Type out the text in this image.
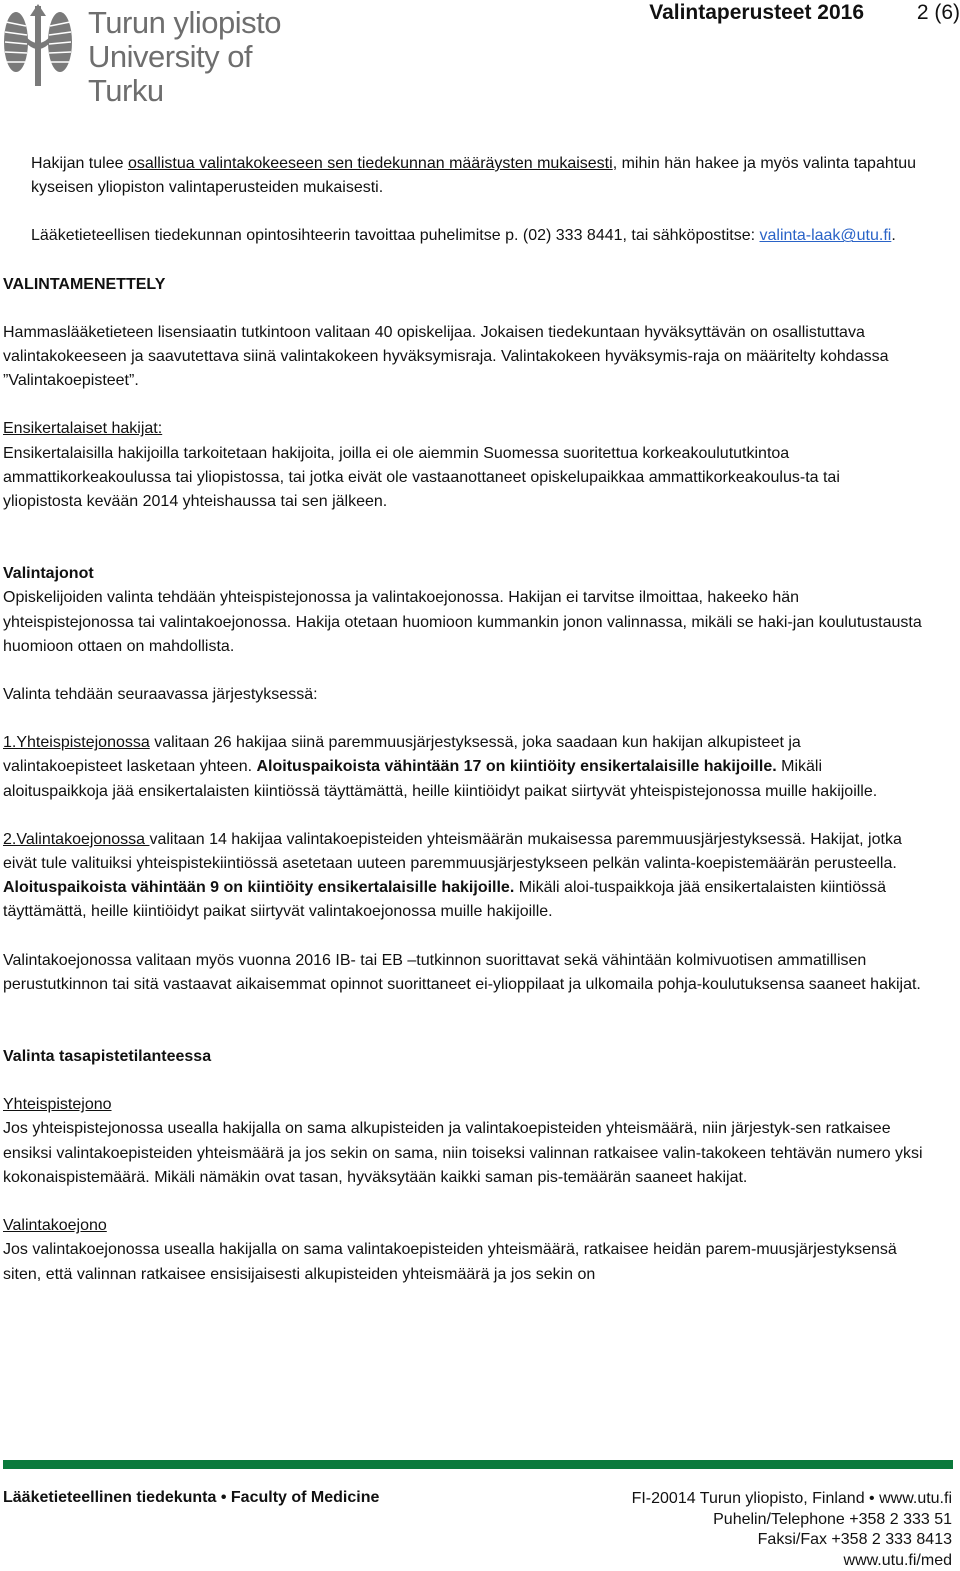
Turun yliopisto
University of Turku
Valintaperusteet 2016	2 (6)

Hakijan tulee osallistua valintakokeeseen sen tiedekunnan määräysten mukaisesti, mihin hän hakee ja myös valinta tapahtuu kyseisen yliopiston valintaperusteiden mukaisesti.

Lääketieteellisen tiedekunnan opintosihteerin tavoittaa puhelimitse p. (02) 333 8441, tai sähköpostitse: valinta-laak@utu.fi.

VALINTAMENETTELY

Hammaslääketieteen lisensiaatin tutkintoon valitaan 40 opiskelijaa. Jokaisen tiedekuntaan hyväksyttävän on osallistuttava valintakokeeseen ja saavutettava siinä valintakokeen hyväksymisraja. Valintakokeen hyväksymis-raja on määritelty kohdassa ”Valintakoepisteet”.

Ensikertalaiset hakijat:

Ensikertalaisilla hakijoilla tarkoitetaan hakijoita, joilla ei ole aiemmin Suomessa suoritettua korkeakoulututkintoa ammattikorkeakoulussa tai yliopistossa, tai jotka eivät ole vastaanottaneet opiskelupaikkaa ammattikorkeakoulus-ta tai yliopistosta kevään 2014 yhteishaussa tai sen jälkeen.

Valintajonot

Opiskelijoiden valinta tehdään yhteispistejonossa ja valintakoejonossa. Hakijan ei tarvitse ilmoittaa, hakeeko hän yhteispistejonossa tai valintakoejonossa. Hakija otetaan huomioon kummankin jonon valinnassa, mikäli se haki-jan koulutustausta huomioon ottaen on mahdollista.

Valinta tehdään seuraavassa järjestyksessä:

1.Yhteispistejonossa valitaan 26 hakijaa siinä paremmuusjärjestyksessä, joka saadaan kun hakijan alkupisteet ja valintakoepisteet lasketaan yhteen. Aloituspaikoista vähintään 17 on kiintiöity ensikertalaisille hakijoille. Mikäli aloituspaikkoja jää ensikertalaisten kiintiössä täyttämättä, heille kiintiöidyt paikat siirtyvät yhteispistejonossa muille hakijoille.

2.Valintakoejonossa valitaan 14 hakijaa valintakoepisteiden yhteismäärän mukaisessa paremmuusjärjestyksessä. Hakijat, jotka eivät tule valituiksi yhteispistekiintiössä asetetaan uuteen paremmuusjärjestykseen pelkän valinta-koepistemäärän perusteella. Aloituspaikoista vähintään 9 on kiintiöity ensikertalaisille hakijoille. Mikäli aloi-tuspaikkoja jää ensikertalaisten kiintiössä täyttämättä, heille kiintiöidyt paikat siirtyvät valintakoejonossa muille hakijoille.

Valintakoejonossa valitaan myös vuonna 2016 IB- tai EB –tutkinnon suorittavat sekä vähintään kolmivuotisen ammatillisen perustutkinnon tai sitä vastaavat aikaisemmat opinnot suorittaneet ei-ylioppilaat ja ulkomaila pohja-koulutuksensa saaneet hakijat.

Valinta tasapistetilanteessa

Yhteispistejono

Jos yhteispistejonossa usealla hakijalla on sama alkupisteiden ja valintakoepisteiden yhteismäärä, niin järjestyk-sen ratkaisee ensiksi valintakoepisteiden yhteismäärä ja jos sekin on sama, niin toiseksi valinnan ratkaisee valin-takokeen tehtävän numero yksi kokonaispistemäärä. Mikäli nämäkin ovat tasan, hyväksytään kaikki saman pis-temäärän saaneet hakijat.

Valintakoejono

Jos valintakoejonossa usealla hakijalla on sama valintakoepisteiden yhteismäärä, ratkaisee heidän parem-muusjärjestyksensä siten, että valinnan ratkaisee ensisijaisesti alkupisteiden yhteismäärä ja jos sekin on

Lääketieteellinen tiedekunta • Faculty of Medicine	FI-20014 Turun yliopisto, Finland • www.utu.fi
Puhelin/Telephone +358 2 333 51
Faksi/Fax +358 2 333 8413
www.utu.fi/med
